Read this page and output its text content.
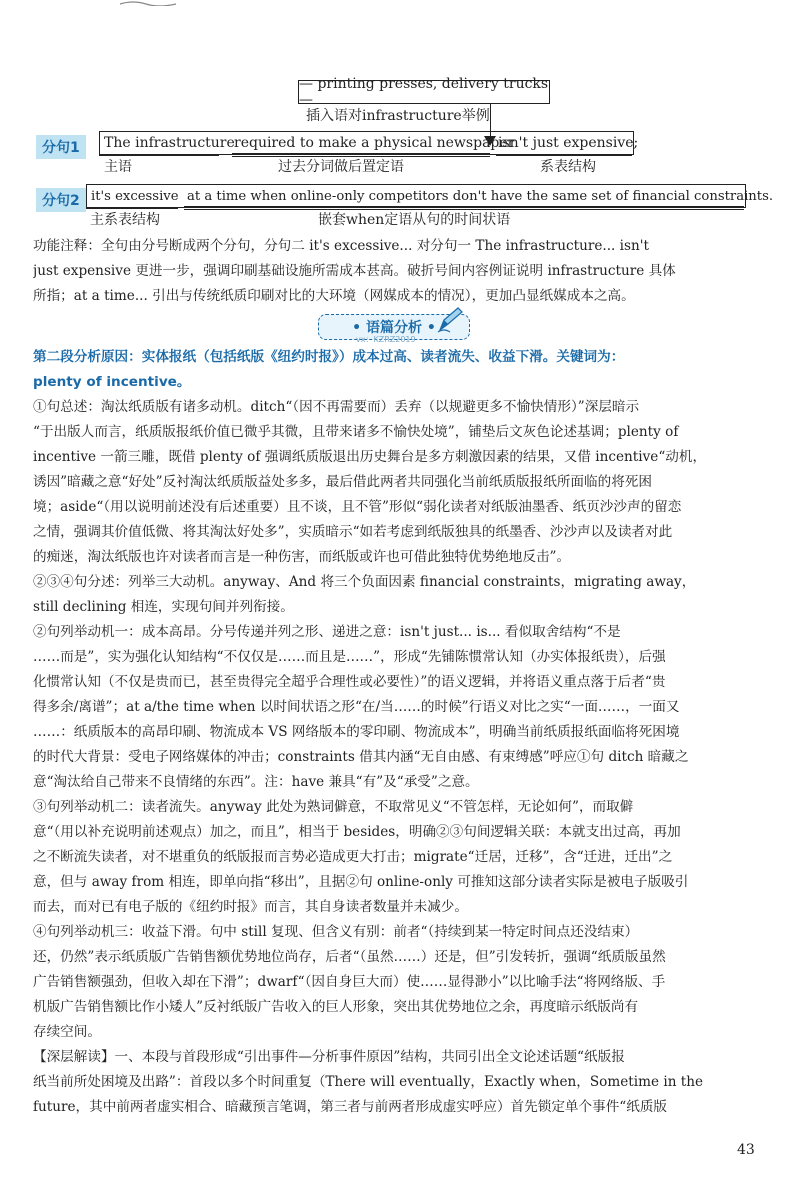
— printing presses, delivery trucks —
插入语对infrastructure举例
分句1	The infrastructure required to make a physical newspaper
isn't just expensive;
主语	过去分词做后置定语	系表结构
分句2 it's excessive at a time when online-only competitors don't have the same set of financial constraints.
主系表结构	嵌套when定语从句的时间状语
功能注释：全句由分号断成两个分句，分句二 it's excessive... 对分句一 The infrastructure... isn't
just expensive 更进一步，强调印刷基础设施所需成本甚高。破折号间内容例证说明 infrastructure 具体
所指；at a time... 引出与传统纸质印刷对比的大环境（网媒成本的情况），更加凸显纸媒成本之高。
• 语篇分析 •
vx：KZRZ2019
第二段分析原因：实体报纸（包括纸版《纽约时报》）成本过高、读者流失、收益下滑。关键词为：
plenty of incentive。
①句总述：淘汰纸质版有诸多动机。ditch“（因不再需要而）丢弃（以规避更多不愉快情形）”深层暗示
“于出版人而言，纸质版报纸价值已微乎其微，且带来诸多不愉快处境”，铺垫后文灰色论述基调；plenty of
incentive 一箭三雕，既借 plenty of 强调纸质版退出历史舞台是多方刺激因素的结果，又借 incentive“动机，
诱因”暗藏之意“好处”反衬淘汰纸质版益处多多，最后借此两者共同强化当前纸质版报纸所面临的将死困
境；aside“（用以说明前述没有后述重要）且不谈，且不管”形似“弱化读者对纸版油墨香、纸页沙沙声的留恋
之情，强调其价值低微、将其淘汰好处多”，实质暗示“如若考虑到纸版独具的纸墨香、沙沙声以及读者对此
的痴迷，淘汰纸版也许对读者而言是一种伤害，而纸版或许也可借此独特优势绝地反击”。
②③④句分述：列举三大动机。anyway、And 将三个负面因素 financial constraints，migrating away，
still declining 相连，实现句间并列衔接。
②句列举动机一：成本高昂。分号传递并列之形、递进之意：isn't just... is... 看似取舍结构“不是
……而是”，实为强化认知结构“不仅仅是……而且是……”，形成“先铺陈惯常认知（办实体报纸贵），后强
化惯常认知（不仅是贵而已，甚至贵得完全超乎合理性或必要性）”的语义逻辑，并将语义重点落于后者“贵
得多余/离谱”；at a/the time when 以时间状语之形“在/当……的时候”行语义对比之实“一面……，一面又
……：纸质版本的高昂印刷、物流成本 VS 网络版本的零印刷、物流成本”，明确当前纸质报纸面临将死困境
的时代大背景：受电子网络媒体的冲击；constraints 借其内涵“无自由感、有束缚感”呼应①句 ditch 暗藏之
意“淘汰给自己带来不良情绪的东西”。注：have 兼具“有”及“承受”之意。
③句列举动机二：读者流失。anyway 此处为熟词僻意，不取常见义“不管怎样，无论如何”，而取僻
意“（用以补充说明前述观点）加之，而且”，相当于 besides，明确②③句间逻辑关联：本就支出过高，再加
之不断流失读者，对不堪重负的纸版报而言势必造成更大打击；migrate“迁居，迁移”，含“迁进，迁出”之
意，但与 away from 相连，即单向指“移出”，且据②句 online-only 可推知这部分读者实际是被电子版吸引
而去，而对已有电子版的《纽约时报》而言，其自身读者数量并未减少。
④句列举动机三：收益下滑。句中 still 复现、但含义有别：前者“（持续到某一特定时间点还没结束）
还，仍然”表示纸质版广告销售额优势地位尚存，后者“（虽然……）还是，但”引发转折，强调“纸质版虽然
广告销售额强劲，但收入却在下滑”；dwarf“（因自身巨大而）使……显得渺小”以比喻手法“将网络版、手
机版广告销售额比作小矮人”反衬纸版广告收入的巨人形象，突出其优势地位之余，再度暗示纸版尚有
存续空间。
【深层解读】一、本段与首段形成“引出事件—分析事件原因”结构，共同引出全文论述话题“纸版报
纸当前所处困境及出路”：首段以多个时间重复（There will eventually，Exactly when，Sometime in the
future，其中前两者虚实相合、暗藏预言笔调，第三者与前两者形成虚实呼应）首先锁定单个事件“纸质版
43
